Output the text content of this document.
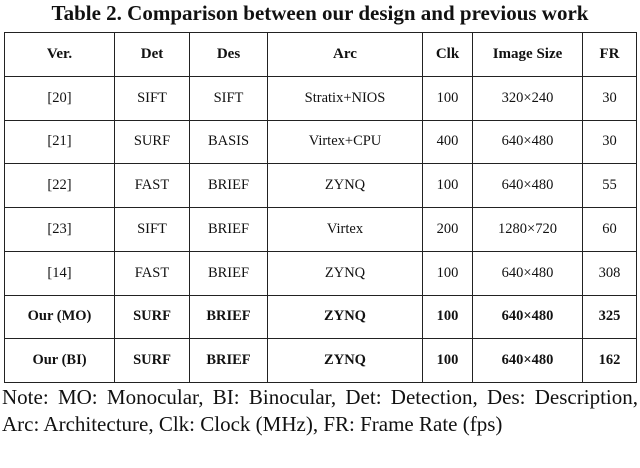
Table 2. Comparison between our design and previous work
Ver.	Det	Des	Arc	Clk	Image Size	FR
[20]	SIFT	SIFT	Stratix+NIOS	100	320×240	30
[21]	SURF	BASIS	Virtex+CPU	400	640×480	30
[22]	FAST	BRIEF	ZYNQ	100	640×480	55
[23]	SIFT	BRIEF	Virtex	200	1280×720	60
[14]	FAST	BRIEF	ZYNQ	100	640×480	308
Our (MO)	SURF	BRIEF	ZYNQ	100	640×480	325
Our (BI)	SURF	BRIEF	ZYNQ	100	640×480	162
Note: MO: Monocular, BI: Binocular, Det: Detection, Des: Description, Arc: Architecture, Clk: Clock (MHz), FR: Frame Rate (fps)
